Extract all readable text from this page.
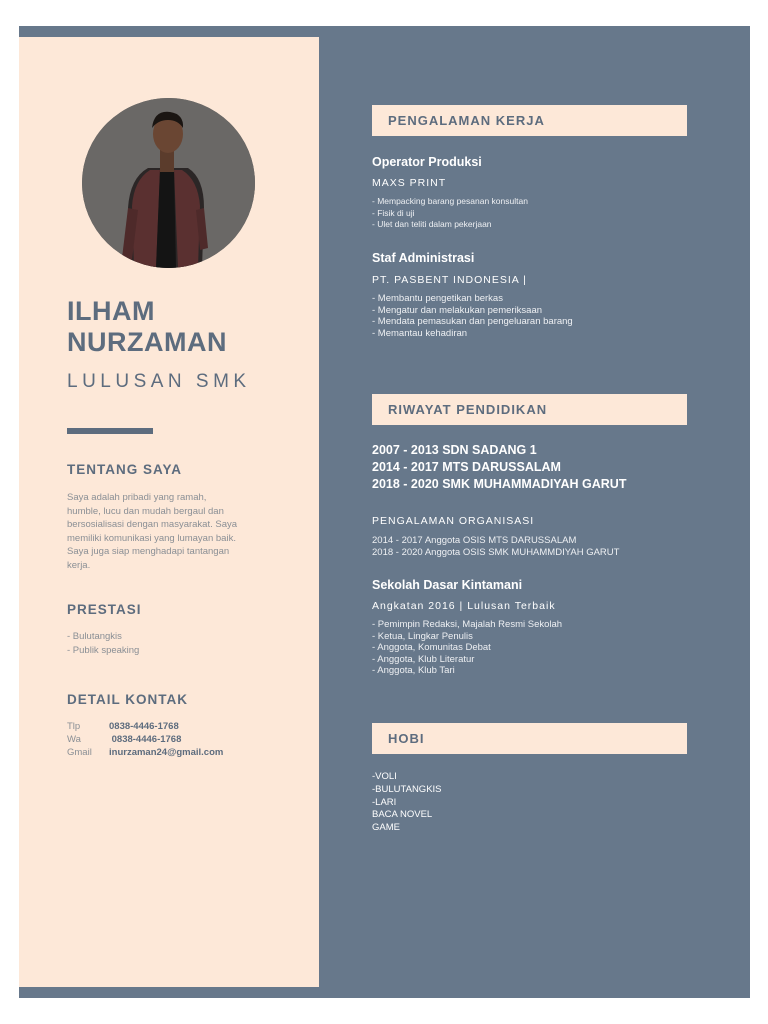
ILHAM
NURZAMAN
LULUSAN SMK
TENTANG SAYA
Saya adalah pribadi yang ramah,
humble, lucu dan mudah bergaul dan
bersosialisasi dengan masyarakat. Saya
memiliki komunikasi yang lumayan baik.
Saya juga siap menghadapi tantangan
kerja.
PRESTASI
- Bulutangkis
- Publik speaking
DETAIL KONTAK
Tlp	0838-4446-1768
Wa	0838-4446-1768
Gmail	inurzaman24@gmail.com
PENGALAMAN KERJA
Operator Produksi
MAXS PRINT
- Mempacking barang pesanan konsultan
- Fisik di uji
- Ulet dan teliti dalam pekerjaan
Staf Administrasi
PT. PASBENT INDONESIA |
- Membantu pengetikan berkas
- Mengatur dan melakukan pemeriksaan
- Mendata pemasukan dan pengeluaran barang
- Memantau kehadiran
RIWAYAT PENDIDIKAN
2007 - 2013 SDN SADANG 1
2014 - 2017 MTS DARUSSALAM
2018 - 2020 SMK MUHAMMADIYAH GARUT
PENGALAMAN ORGANISASI
2014 - 2017 Anggota OSIS MTS DARUSSALAM
2018 - 2020 Anggota OSIS SMK MUHAMMDIYAH GARUT
Sekolah Dasar Kintamani
Angkatan 2016 | Lulusan Terbaik
- Pemimpin Redaksi, Majalah Resmi Sekolah
- Ketua, Lingkar Penulis
- Anggota, Komunitas Debat
- Anggota, Klub Literatur
- Anggota, Klub Tari
HOBI
-VOLI
-BULUTANGKIS
-LARI
BACA NOVEL
GAME
